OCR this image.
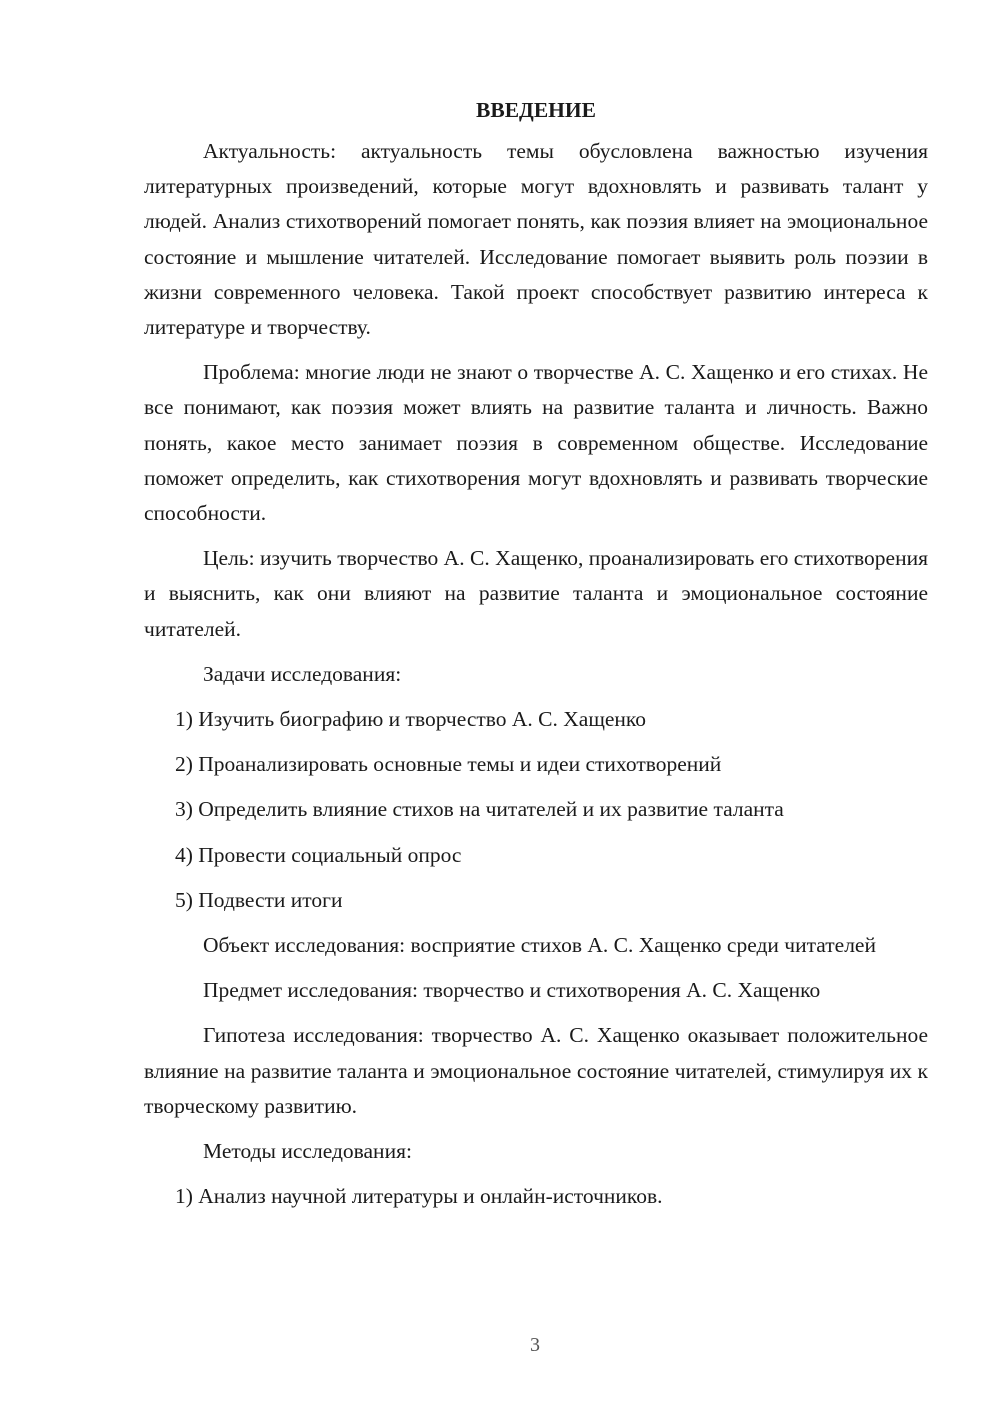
ВВЕДЕНИЕ

Актуальность: актуальность темы обусловлена важностью изучения литературных произведений, которые могут вдохновлять и развивать талант у людей. Анализ стихотворений помогает понять, как поэзия влияет на эмоциональное состояние и мышление читателей. Исследование помогает выявить роль поэзии в жизни современного человека. Такой проект способствует развитию интереса к литературе и творчеству.

Проблема: многие люди не знают о творчестве А. С. Хащенко и его стихах. Не все понимают, как поэзия может влиять на развитие таланта и личность. Важно понять, какое место занимает поэзия в современном обществе. Исследование поможет определить, как стихотворения могут вдохновлять и развивать творческие способности.

Цель: изучить творчество А. С. Хащенко, проанализировать его стихотворения и выяснить, как они влияют на развитие таланта и эмоциональное состояние читателей.

Задачи исследования:

1) Изучить биографию и творчество А. С. Хащенко

2) Проанализировать основные темы и идеи стихотворений

3) Определить влияние стихов на читателей и их развитие таланта

4) Провести социальный опрос

5) Подвести итоги

Объект исследования: восприятие стихов А. С. Хащенко среди читателей

Предмет исследования: творчество и стихотворения А. С. Хащенко

Гипотеза исследования: творчество А. С. Хащенко оказывает положительное влияние на развитие таланта и эмоциональное состояние читателей, стимулируя их к творческому развитию.

Методы исследования:

1) Анализ научной литературы и онлайн-источников.

3
